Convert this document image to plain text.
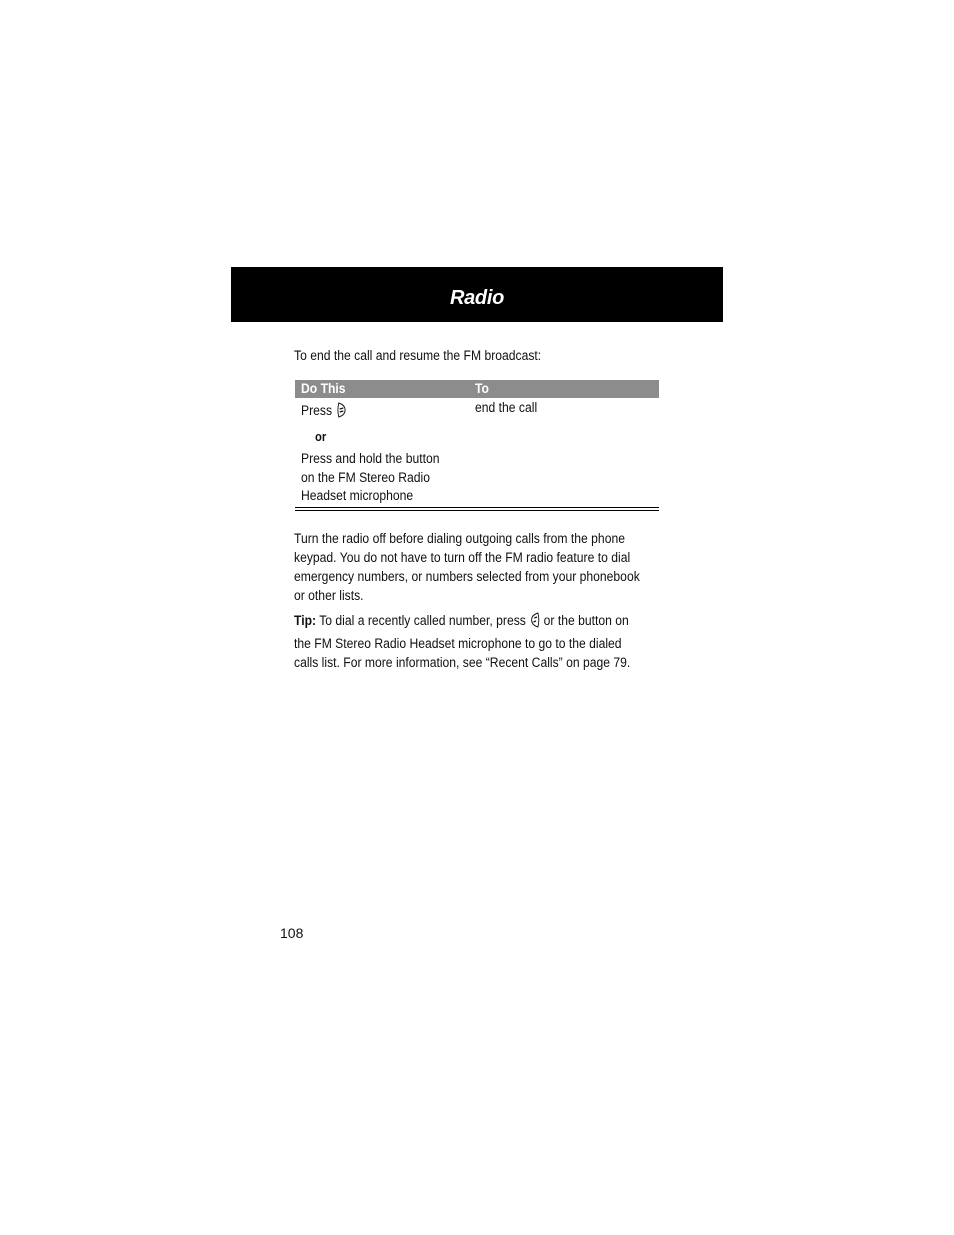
Radio
To end the call and resume the FM broadcast:
Do This	To
Press
or
Press and hold the button
on the FM Stereo Radio
Headset microphone
end the call
Turn the radio off before dialing outgoing calls from the phone
keypad. You do not have to turn off the FM radio feature to dial
emergency numbers, or numbers selected from your phonebook
or other lists.
Tip: To dial a recently called number, press or the button on
the FM Stereo Radio Headset microphone to go to the dialed
calls list. For more information, see “Recent Calls” on page 79.
108
